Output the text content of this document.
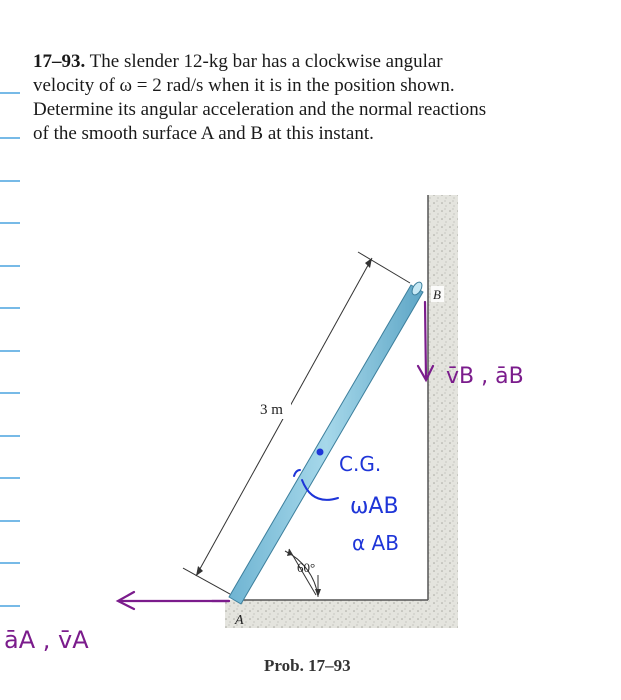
17–93. The slender 12-kg bar has a clockwise angular
velocity of ω = 2 rad/s when it is in the position shown.
Determine its angular acceleration and the normal reactions
of the smooth surface A and B at this instant.
3 m
60°
A
B
v̄B , āB
āA , v̄A
C.G.
ωAB
α AB
Prob. 17–93
